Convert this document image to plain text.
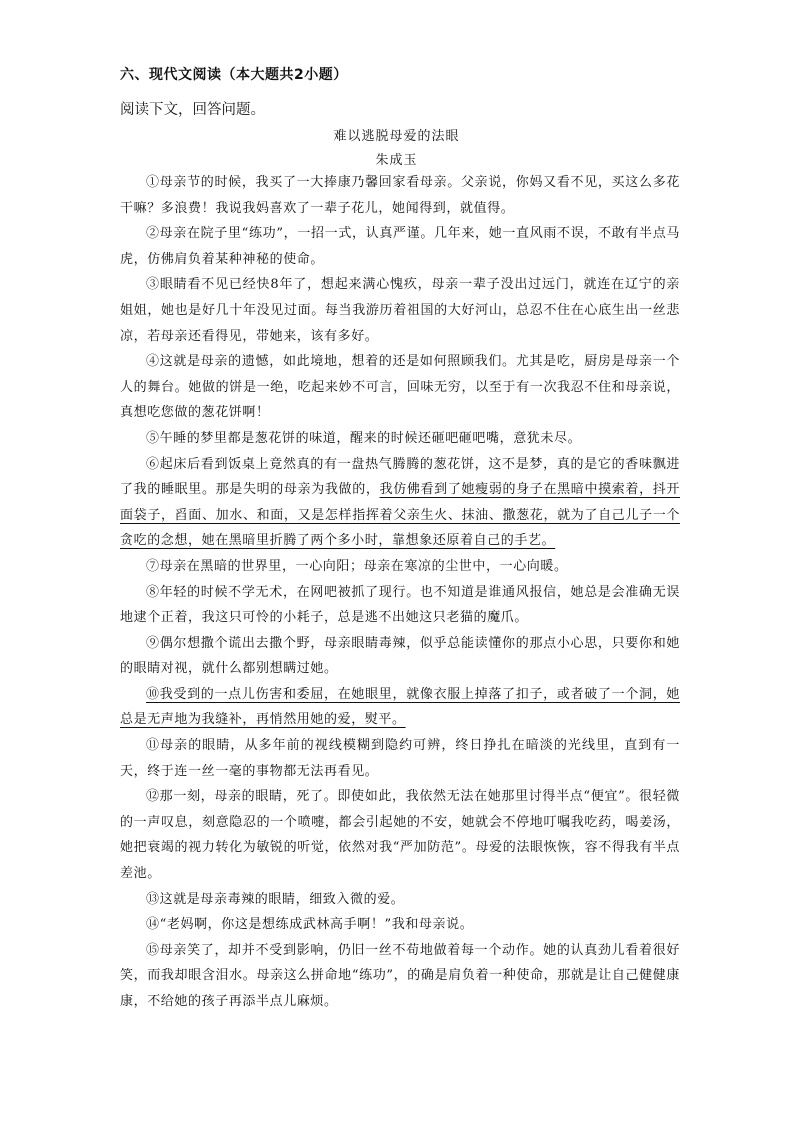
六、现代文阅读（本大题共2小题）
阅读下文，回答问题。
难以逃脱母爱的法眼
朱成玉

①母亲节的时候，我买了一大捧康乃馨回家看母亲。父亲说，你妈又看不见，买这么多花干嘛？多浪费！我说我妈喜欢了一辈子花儿，她闻得到，就值得。

②母亲在院子里“练功”，一招一式，认真严谨。几年来，她一直风雨不误，不敢有半点马虎，仿佛肩负着某种神秘的使命。

③眼睛看不见已经快8年了，想起来满心愧疚，母亲一辈子没出过远门，就连在辽宁的亲姐姐，她也是好几十年没见过面。每当我游历着祖国的大好河山，总忍不住在心底生出一丝悲凉，若母亲还看得见，带她来，该有多好。

④这就是母亲的遗憾，如此境地，想着的还是如何照顾我们。尤其是吃，厨房是母亲一个人的舞台。她做的饼是一绝，吃起来妙不可言，回味无穷，以至于有一次我忍不住和母亲说，真想吃您做的葱花饼啊！

⑤午睡的梦里都是葱花饼的味道，醒来的时候还砸吧砸吧嘴，意犹未尽。

⑥起床后看到饭桌上竟然真的有一盘热气腾腾的葱花饼，这不是梦，真的是它的香味飘进了我的睡眠里。那是失明的母亲为我做的，我仿佛看到了她瘦弱的身子在黑暗中摸索着，抖开面袋子，舀面、加水、和面，又是怎样指挥着父亲生火、抹油、撒葱花，就为了自己儿子一个贪吃的念想，她在黑暗里折腾了两个多小时，靠想象还原着自己的手艺。

⑦母亲在黑暗的世界里，一心向阳；母亲在寒凉的尘世中，一心向暖。

⑧年轻的时候不学无术，在网吧被抓了现行。也不知道是谁通风报信，她总是会准确无误地逮个正着，我这只可怜的小耗子，总是逃不出她这只老猫的魔爪。

⑨偶尔想撒个谎出去撒个野，母亲眼睛毒辣，似乎总能读懂你的那点小心思，只要你和她的眼睛对视，就什么都别想瞒过她。

⑩我受到的一点儿伤害和委屈，在她眼里，就像衣服上掉落了扣子，或者破了一个洞，她总是无声地为我缝补，再悄然用她的爱，熨平。

⑪母亲的眼睛，从多年前的视线模糊到隐约可辨，终日挣扎在暗淡的光线里，直到有一天，终于连一丝一毫的事物都无法再看见。

⑫那一刻，母亲的眼睛，死了。即使如此，我依然无法在她那里讨得半点“便宜”。很轻微的一声叹息，刻意隐忍的一个喷嚏，都会引起她的不安，她就会不停地叮嘱我吃药，喝姜汤，她把衰竭的视力转化为敏锐的听觉，依然对我“严加防范”。母爱的法眼恢恢，容不得我有半点差池。

⑬这就是母亲毒辣的眼睛，细致入微的爱。

⑭“老妈啊，你这是想练成武林高手啊！”我和母亲说。

⑮母亲笑了，却并不受到影响，仍旧一丝不苟地做着每一个动作。她的认真劲儿看着很好笑，而我却眼含泪水。母亲这么拼命地“练功”，的确是肩负着一种使命，那就是让自己健健康康，不给她的孩子再添半点儿麻烦。
